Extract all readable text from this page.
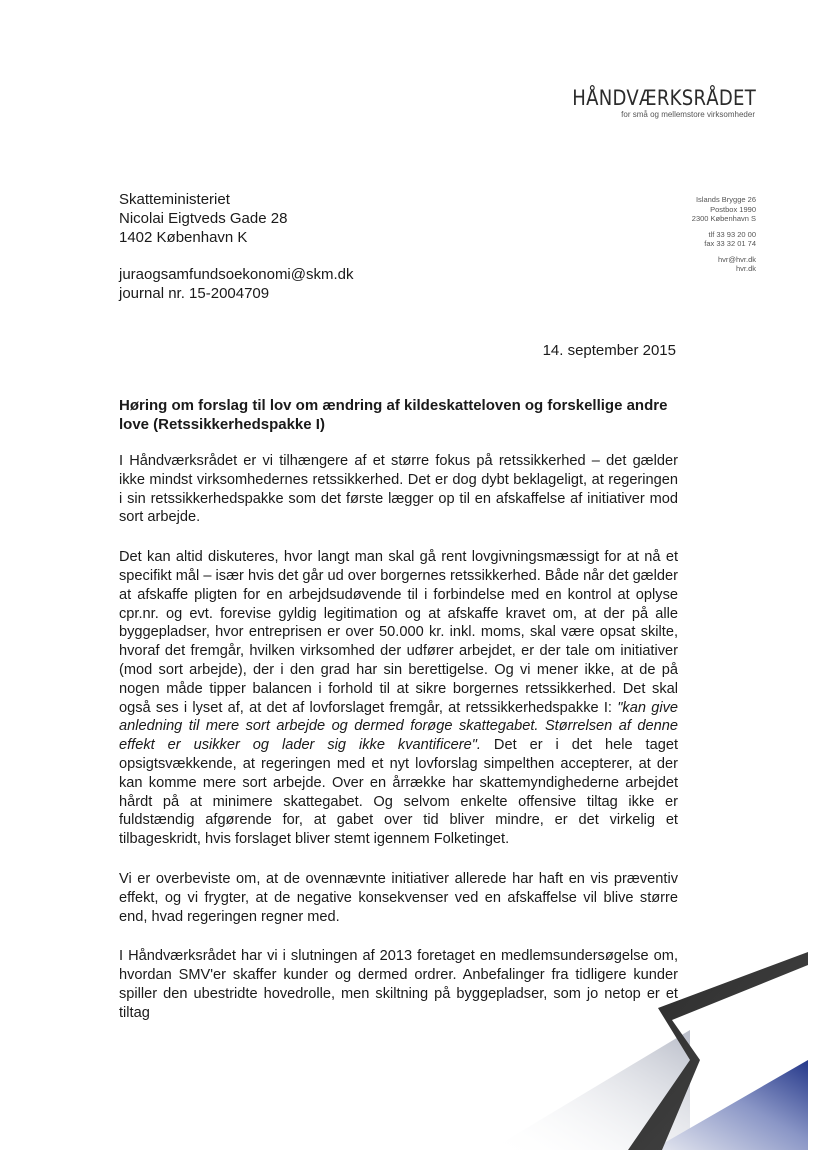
HÅNDVÆRKSRÅDET
for små og mellemstore virksomheder
Skatteministeriet
Nicolai Eigtveds Gade 28
1402 København K
juraogsamfundsoekonomi@skm.dk
journal nr. 15-2004709
Islands Brygge 26
Postbox 1990
2300 København S
tlf 33 93 20 00
fax 33 32 01 74
hvr@hvr.dk
hvr.dk
14. september 2015
Høring om forslag til lov om ændring af kildeskatteloven og forskellige andre love (Retssikkerhedspakke I)

I Håndværksrådet er vi tilhængere af et større fokus på retssikkerhed – det gælder ikke mindst virksomhedernes retssikkerhed. Det er dog dybt beklageligt, at regeringen i sin retssikkerhedspakke som det første lægger op til en afskaffelse af initiativer mod sort arbejde.

Det kan altid diskuteres, hvor langt man skal gå rent lovgivningsmæssigt for at nå et specifikt mål – især hvis det går ud over borgernes retssikkerhed. Både når det gælder at afskaffe pligten for en arbejdsudøvende til i forbindelse med en kontrol at oplyse cpr.nr. og evt. forevise gyldig legitimation og at afskaffe kravet om, at der på alle byggepladser, hvor entreprisen er over 50.000 kr. inkl. moms, skal være opsat skilte, hvoraf det fremgår, hvilken virksomhed der udfører arbejdet, er der tale om initiativer (mod sort arbejde), der i den grad har sin berettigelse. Og vi mener ikke, at de på nogen måde tipper balancen i forhold til at sikre borgernes retssikkerhed. Det skal også ses i lyset af, at det af lovforslaget fremgår, at retssikkerhedspakke I: "kan give anledning til mere sort arbejde og dermed forøge skattegabet. Størrelsen af denne effekt er usikker og lader sig ikke kvantificere". Det er i det hele taget opsigtsvækkende, at regeringen med et nyt lovforslag simpelthen accepterer, at der kan komme mere sort arbejde. Over en årrække har skattemyndighederne arbejdet hårdt på at minimere skattegabet. Og selvom enkelte offensive tiltag ikke er fuldstændig afgørende for, at gabet over tid bliver mindre, er det virkelig et tilbageskridt, hvis forslaget bliver stemt igennem Folketinget.

Vi er overbeviste om, at de ovennævnte initiativer allerede har haft en vis præventiv effekt, og vi frygter, at de negative konsekvenser ved en afskaffelse vil blive større end, hvad regeringen regner med.

I Håndværksrådet har vi i slutningen af 2013 foretaget en medlemsundersøgelse om, hvordan SMV'er skaffer kunder og dermed ordrer. Anbefalinger fra tidligere kunder spiller den ubestridte hovedrolle, men skiltning på byggepladser, som jo netop er et tiltag
